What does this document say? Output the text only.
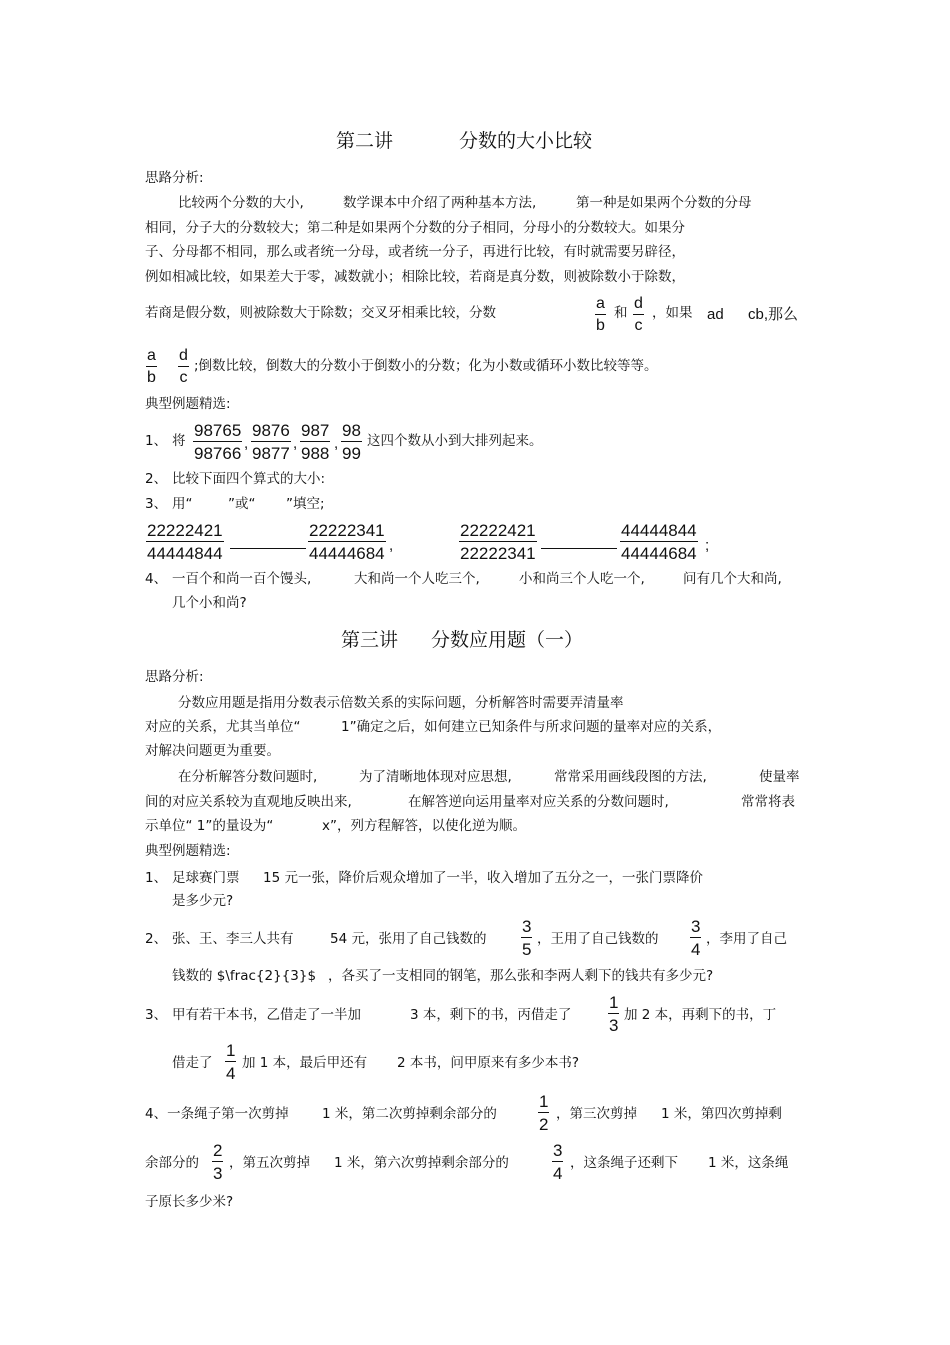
第二讲	分数的大小比较
思路分析:
比较两个分数的大小,	数学课本中介绍了两种基本方法,	第一种是如果两个分数的分母
相同，分子大的分数较大；第二种是如果两个分数的分子相同，分母小的分数较大。如果分
子、分母都不相同，那么或者统一分母，或者统一分子，再进行比较，有时就需要另辟径，
例如相减比较，如果差大于零，减数就小；相除比较，若商是真分数，则被除数小于除数，
若商是假分数，则被除数大于除数；交叉牙相乘比较，分数	$\frac{a}{b}$ 和 $\frac{d}{c}$ ，如果 ad cb,那么
$\frac{a}{b} \frac{d}{c}$ ;倒数比较，倒数大的分数小于倒数小的分数；化为小数或循环小数比较等等。
典型例题精选:
1、 将 $\frac{98765}{98766}$ , $\frac{9876}{9877}$ , $\frac{987}{988}$ , $\frac{98}{99}$ 这四个数从小到大排列起来。
2、 比较下面四个算式的大小:
3、 用“	”或“ ”填空;
$\frac{22222421}{44444844}$	$\frac{22222341}{44444684}$ ,	$\frac{22222421}{22222341}$	$\frac{44444844}{44444684}$ ;
4、 一百个和尚一百个馒头,	大和尚一个人吃三个,	小和尚三个人吃一个,	问有几个大和尚,
几个小和尚?
第三讲 分数应用题（一）
思路分析:
分数应用题是指用分数表示倍数关系的实际问题，分析解答时需要弄清量率
对应的关系，尤其当单位“	1”确定之后，如何建立已知条件与所求问题的量率对应的关系，
对解决问题更为重要。
在分析解答分数问题时,	为了清晰地体现对应思想,	常常采用画线段图的方法,	使量率
间的对应关系较为直观地反映出来,	在解答逆向运用量率对应关系的分数问题时,	常常将表
示单位“ 1”的量设为“	x”，列方程解答，以使化逆为顺。
典型例题精选:
1、 足球赛门票 15 元一张，降价后观众增加了一半，收入增加了五分之一，一张门票降价
是多少元?
2、 张、王、李三人共有	54 元，张用了自己钱数的 $\frac{3}{5}$ ，王用了自己钱数的 $\frac{3}{4}$ ，李用了自己
钱数的 $\frac{2}{3}$ ，各买了一支相同的钢笔，那么张和李两人剩下的钱共有多少元?
3、 甲有若干本书，乙借走了一半加	3 本，剩下的书，丙借走了 $\frac{1}{3}$ 加 2 本，再剩下的书，丁
借走了 $\frac{1}{4}$ 加 1 本，最后甲还有 2 本书，问甲原来有多少本书?
4、一条绳子第一次剪掉 1 米，第二次剪掉剩余部分的 $\frac{1}{2}$ ，第三次剪掉 1 米，第四次剪掉剩
余部分的 $\frac{2}{3}$ ，第五次剪掉 1 米，第六次剪掉剩余部分的	$\frac{3}{4}$ ，这条绳子还剩下 1 米，这条绳
子原长多少米?
